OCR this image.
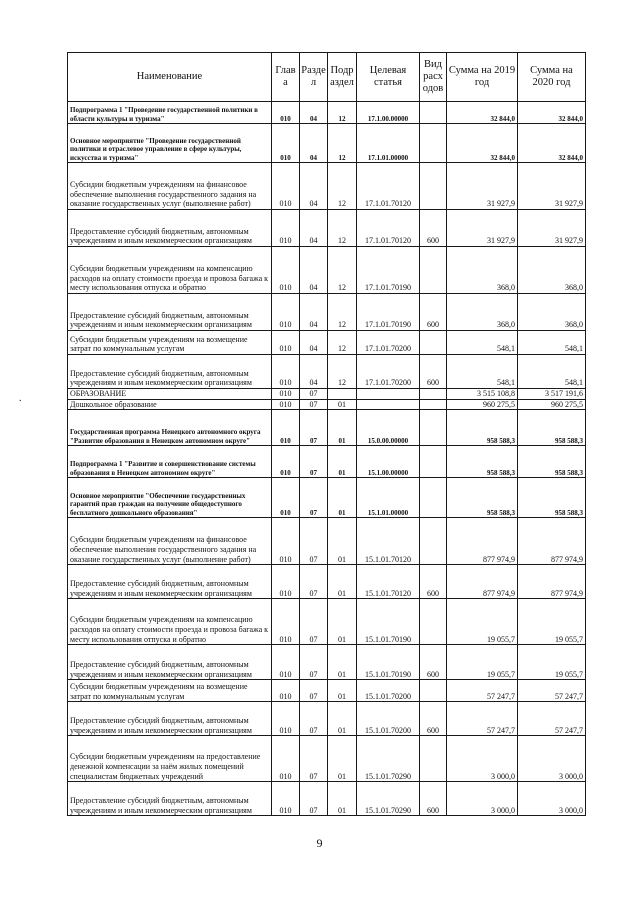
Наименование	Глав а	Разде л	Подр аздел	Целевая статья	Вид расх одов	Сумма на 2019 год	Сумма на 2020 год
Подпрограмма 1 "Проведение государственной политики в области культуры и туризма"	010	04	12	17.1.00.00000		32 844,0	32 844,0
Основное мероприятие "Проведение государственной политики и отраслевое управление в сфере культуры, искусства и туризма"	010	04	12	17.1.01.00000		32 844,0	32 844,0
Субсидии бюджетным учреждениям на финансовое обеспечение выполнения государственного задания на оказание государственных услуг (выполнение работ)	010	04	12	17.1.01.70120		31 927,9	31 927,9
Предоставление субсидий бюджетным, автономным учреждениям и иным некоммерческим организациям	010	04	12	17.1.01.70120	600	31 927,9	31 927,9
Субсидии бюджетным учреждениям на компенсацию расходов на оплату стоимости проезда и провоза багажа к месту использования отпуска и обратно	010	04	12	17.1.01.70190		368,0	368,0
Предоставление субсидий бюджетным, автономным учреждениям и иным некоммерческим организациям	010	04	12	17.1.01.70190	600	368,0	368,0
Субсидии бюджетным учреждениям на возмещение затрат по коммунальным услугам	010	04	12	17.1.01.70200		548,1	548,1
Предоставление субсидий бюджетным, автономным учреждениям и иным некоммерческим организациям	010	04	12	17.1.01.70200	600	548,1	548,1
ОБРАЗОВАНИЕ	010	07				3 515 108,8	3 517 191,6
Дошкольное образование	010	07	01			960 275,5	960 275,5
Государственная программа Ненецкого автономного округа "Развитие образования в Ненецком автономном округе"	010	07	01	15.0.00.00000		958 588,3	958 588,3
Подпрограмма 1 "Развитие и совершенствование системы образования в Ненецком автономном округе"	010	07	01	15.1.00.00000		958 588,3	958 588,3
Основное мероприятие "Обеспечение государственных гарантий прав граждан на получение общедоступного бесплатного дошкольного образования"	010	07	01	15.1.01.00000		958 588,3	958 588,3
Субсидии бюджетным учреждениям на финансовое обеспечение выполнения государственного задания на оказание государственных услуг (выполнение работ)	010	07	01	15.1.01.70120		877 974,9	877 974,9
Предоставление субсидий бюджетным, автономным учреждениям и иным некоммерческим организациям	010	07	01	15.1.01.70120	600	877 974,9	877 974,9
Субсидии бюджетным учреждениям на компенсацию расходов на оплату стоимости проезда и провоза багажа к месту использования отпуска и обратно	010	07	01	15.1.01.70190		19 055,7	19 055,7
Предоставление субсидий бюджетным, автономным учреждениям и иным некоммерческим организациям	010	07	01	15.1.01.70190	600	19 055,7	19 055,7
Субсидии бюджетным учреждениям на возмещение затрат по коммунальным услугам	010	07	01	15.1.01.70200		57 247,7	57 247,7
Предоставление субсидий бюджетным, автономным учреждениям и иным некоммерческим организациям	010	07	01	15.1.01.70200	600	57 247,7	57 247,7
Субсидии бюджетным учреждениям на предоставление денежной компенсации за наём жилых помещений специалистам бюджетных учреждений	010	07	01	15.1.01.70290		3 000,0	3 000,0
Предоставление субсидий бюджетным, автономным учреждениям и иным некоммерческим организациям	010	07	01	15.1.01.70290	600	3 000,0	3 000,0
.
9
